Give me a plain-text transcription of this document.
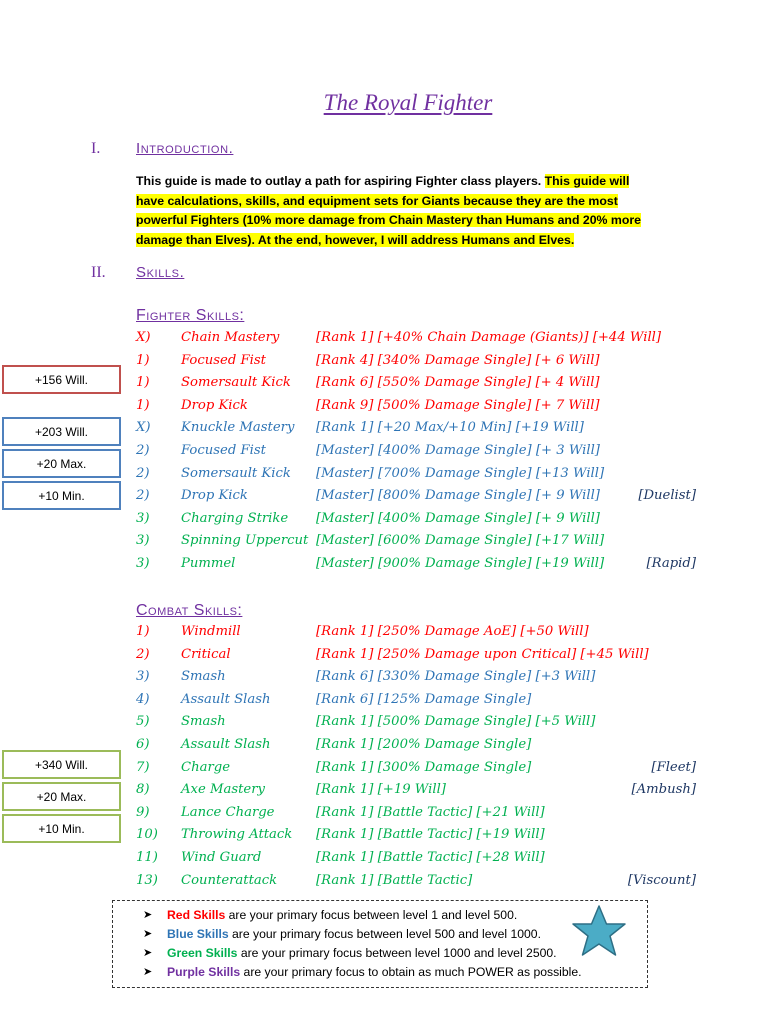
The Royal Fighter
I. Introduction.
This guide is made to outlay a path for aspiring Fighter class players. This guide will have calculations, skills, and equipment sets for Giants because they are the most powerful Fighters (10% more damage from Chain Mastery than Humans and 20% more damage than Elves). At the end, however, I will address Humans and Elves.
II. Skills.
Fighter Skills:
X) Chain Mastery	[Rank 1] [+40% Chain Damage (Giants)] [+44 Will]
1) Focused Fist	[Rank 4] [340% Damage Single] [+ 6 Will]
1) Somersault Kick [Rank 6] [550% Damage Single] [+ 4 Will]
1) Drop Kick	[Rank 9] [500% Damage Single] [+ 7 Will]
X) Knuckle Mastery [Rank 1] [+20 Max/+10 Min] [+19 Will]
2) Focused Fist	[Master] [400% Damage Single] [+ 3 Will]
2) Somersault Kick [Master] [700% Damage Single] [+13 Will]
2) Drop Kick	[Master] [800% Damage Single] [+ 9 Will]	[Duelist]
3) Charging Strike [Master] [400% Damage Single] [+ 9 Will]
3) Spinning Uppercut [Master] [600% Damage Single] [+17 Will]
3) Pummel	[Master] [900% Damage Single] [+19 Will]	[Rapid]
Combat Skills:
1) Windmill	[Rank 1] [250% Damage AoE] [+50 Will]
2) Critical	[Rank 1] [250% Damage upon Critical] [+45 Will]
3) Smash	[Rank 6] [330% Damage Single] [+3 Will]
4) Assault Slash	[Rank 6] [125% Damage Single]
5) Smash	[Rank 1] [500% Damage Single] [+5 Will]
6) Assault Slash	[Rank 1] [200% Damage Single]
7) Charge	[Rank 1] [300% Damage Single]	[Fleet]
8) Axe Mastery	[Rank 1] [+19 Will]	[Ambush]
9) Lance Charge	[Rank 1] [Battle Tactic] [+21 Will]
10) Throwing Attack [Rank 1] [Battle Tactic] [+19 Will]
11) Wind Guard	[Rank 1] [Battle Tactic] [+28 Will]
13) Counterattack	[Rank 1] [Battle Tactic]	[Viscount]
+156 Will.
+203 Will.
+20 Max.
+10 Min.
+340 Will.
+20 Max.
+10 Min.
➤ Red Skills are your primary focus between level 1 and level 500.
➤ Blue Skills are your primary focus between level 500 and level 1000.
➤ Green Skills are your primary focus between level 1000 and level 2500.
➤ Purple Skills are your primary focus to obtain as much POWER as possible.
